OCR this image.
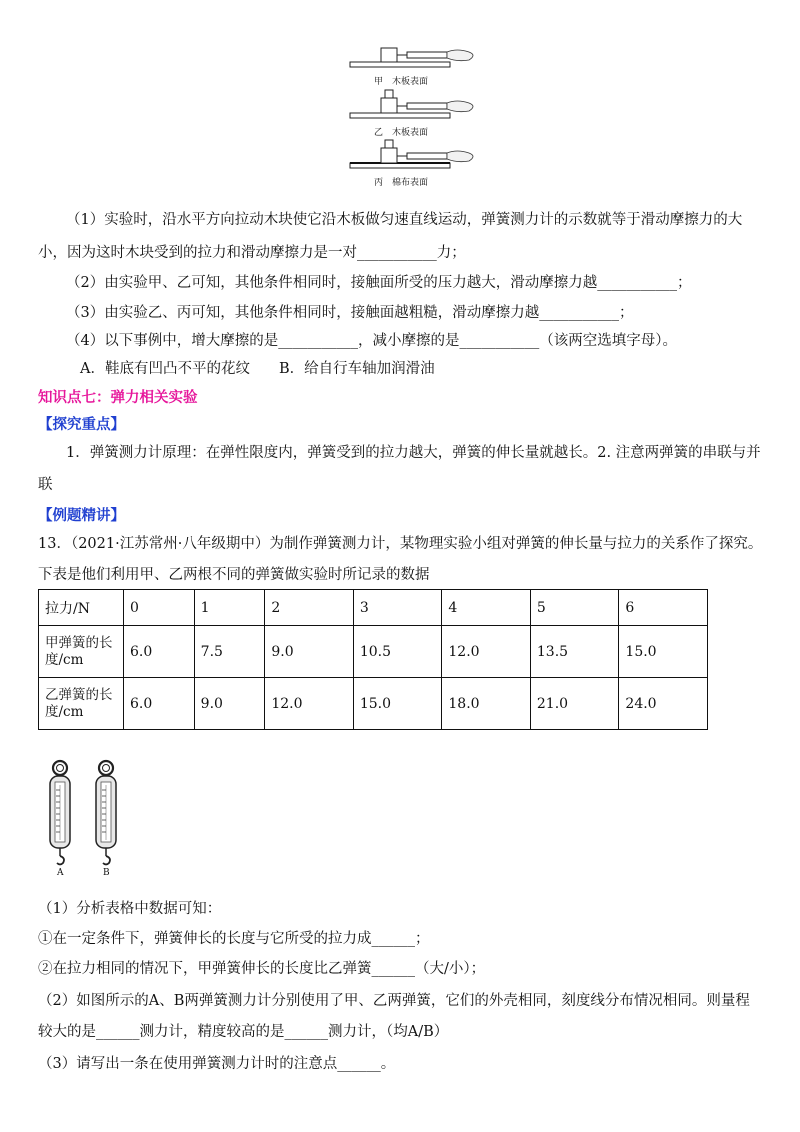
甲　木板表面
乙　木板表面
丙　棉布表面
（1）实验时，沿水平方向拉动木块使它沿木板做匀速直线运动，弹簧测力计的示数就等于滑动摩擦力的大
小，因为这时木块受到的拉力和滑动摩擦力是一对___________力；
（2）由实验甲、乙可知，其他条件相同时，接触面所受的压力越大，滑动摩擦力越___________；
（3）由实验乙、丙可知，其他条件相同时，接触面越粗糙，滑动摩擦力越___________；
（4）以下事例中，增大摩擦的是___________，减小摩擦的是___________（该两空选填字母）。
A．鞋底有凹凸不平的花纹　　B．给自行车轴加润滑油
知识点七：弹力相关实验
【探究重点】
1．弹簧测力计原理：在弹性限度内，弹簧受到的拉力越大，弹簧的伸长量就越长。2. 注意两弹簧的串联与并
联
【例题精讲】
13．（2021·江苏常州·八年级期中）为制作弹簧测力计，某物理实验小组对弹簧的伸长量与拉力的关系作了探究。
下表是他们利用甲、乙两根不同的弹簧做实验时所记录的数据
拉力/N	0	1	2	3	4	5	6
甲弹簧的长度/cm	6.0	7.5	9.0	10.5	12.0	13.5	15.0
乙弹簧的长度/cm	6.0	9.0	12.0	15.0	18.0	21.0	24.0
A	B
（1）分析表格中数据可知：
①在一定条件下，弹簧伸长的长度与它所受的拉力成______；
②在拉力相同的情况下，甲弹簧伸长的长度比乙弹簧______（大/小）；
（2）如图所示的A、B两弹簧测力计分别使用了甲、乙两弹簧，它们的外壳相同，刻度线分布情况相同。则量程
较大的是______测力计，精度较高的是______测力计，（均A/B）
（3）请写出一条在使用弹簧测力计时的注意点______。
